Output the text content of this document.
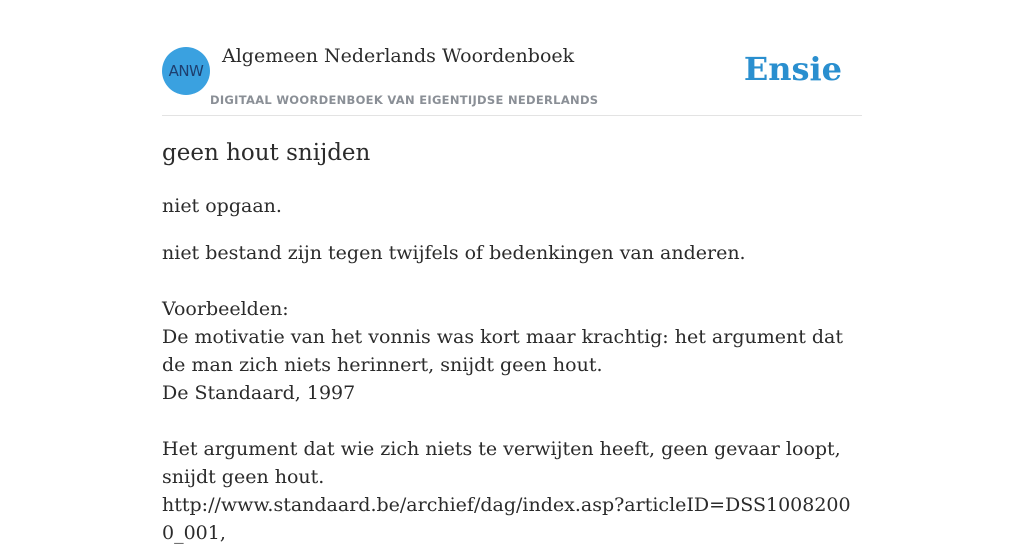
ANW
Algemeen Nederlands Woordenboek
DIGITAAL WOORDENBOEK VAN EIGENTIJDSE NEDERLANDS
Ensie
geen hout snijden

niet opgaan.

niet bestand zijn tegen twijfels of bedenkingen van anderen.

Voorbeelden:
De motivatie van het vonnis was kort maar krachtig: het argument dat de man zich niets herinnert, snijdt geen hout.
De Standaard, 1997
Het argument dat wie zich niets te verwijten heeft, geen gevaar loopt, snijdt geen hout.
http://www.standaard.be/archief/dag/index.asp?articleID=DSS10082000_001,
